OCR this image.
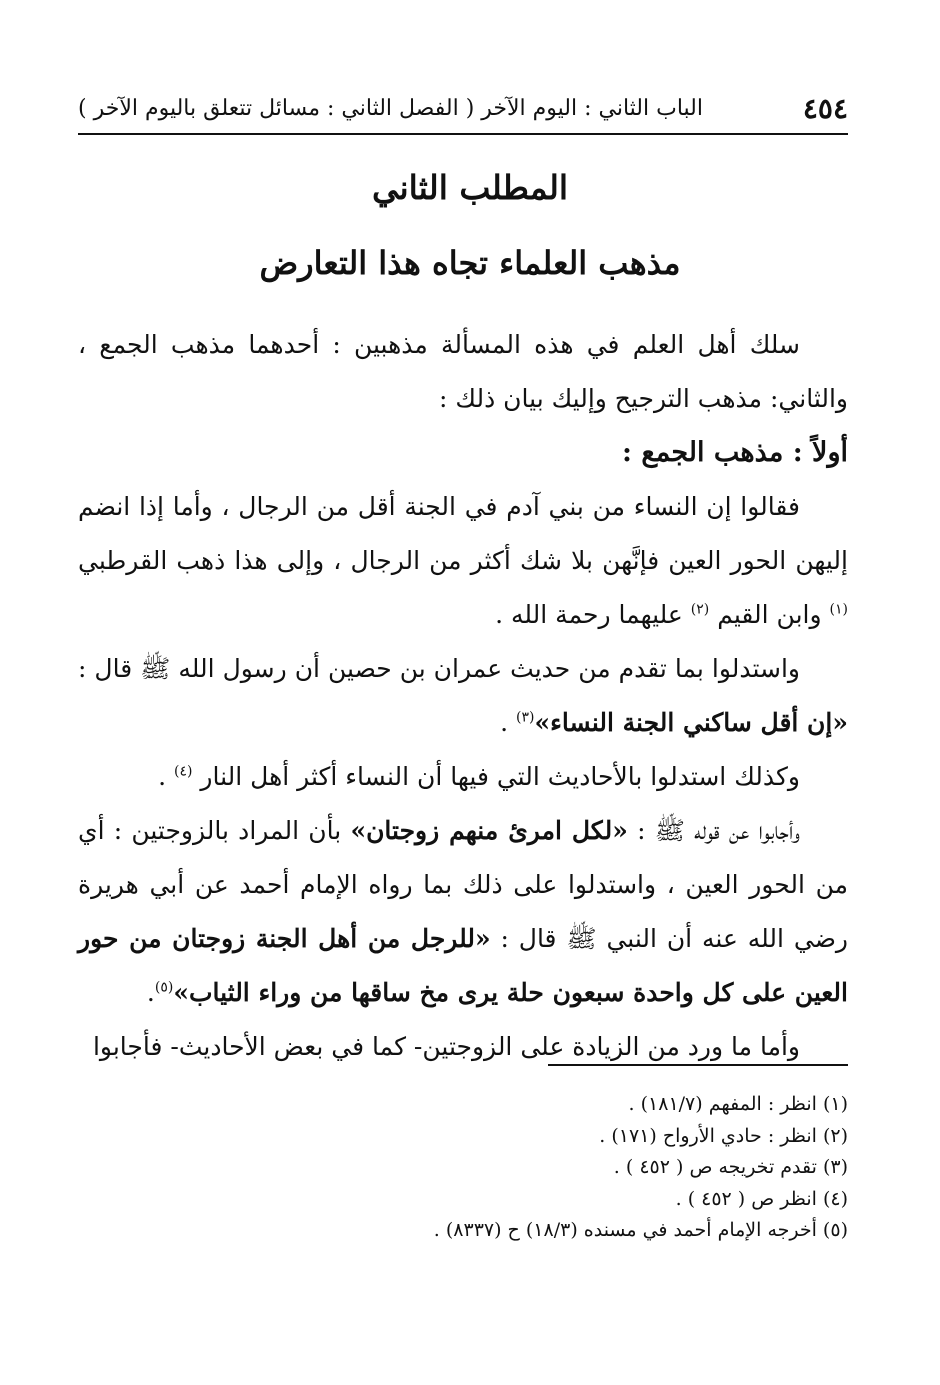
٤٥٤
الباب الثاني : اليوم الآخر ( الفصل الثاني : مسائل تتعلق باليوم الآخر )
المطلب الثاني
مذهب العلماء تجاه هذا التعارض

سلك أهل العلم في هذه المسألة مذهبين : أحدهما مذهب الجمع ، والثاني: مذهب الترجيح وإليك بيان ذلك :

أولاً : مذهب الجمع :

فقالوا إن النساء من بني آدم في الجنة أقل من الرجال ، وأما إذا انضم إليهن الحور العين فإنَّهن بلا شك أكثر من الرجال ، وإلى هذا ذهب القرطبي $^{(١)}$ وابن القيم $^{(٢)}$ عليهما رحمة الله .

واستدلوا بما تقدم من حديث عمران بن حصين أن رسول الله ﷺ قال : «إن أقل ساكني الجنة النساء»$^{(٣)}$ .

وكذلك استدلوا بالأحاديث التي فيها أن النساء أكثر أهل النار $^{(٤)}$ .

وأجابوا عن قوله ﷺ : «لكل امرئ منهم زوجتان» بأن المراد بالزوجتين : أي من الحور العين ، واستدلوا على ذلك بما رواه الإمام أحمد عن أبي هريرة رضي الله عنه أن النبي ﷺ قال : «للرجل من أهل الجنة زوجتان من حور العين على كل واحدة سبعون حلة يرى مخ ساقها من وراء الثياب»$^{(٥)}$.

وأما ما ورد من الزيادة على الزوجتين- كما في بعض الأحاديث- فأجابوا

(١) انظر : المفهم (١٨١/٧) .
(٢) انظر : حادي الأرواح (١٧١) .
(٣) تقدم تخريجه ص ( ٤٥٢ ) .
(٤) انظر ص ( ٤٥٢ ) .
(٥) أخرجه الإمام أحمد في مسنده (١٨/٣) ح (٨٣٣٧) .
